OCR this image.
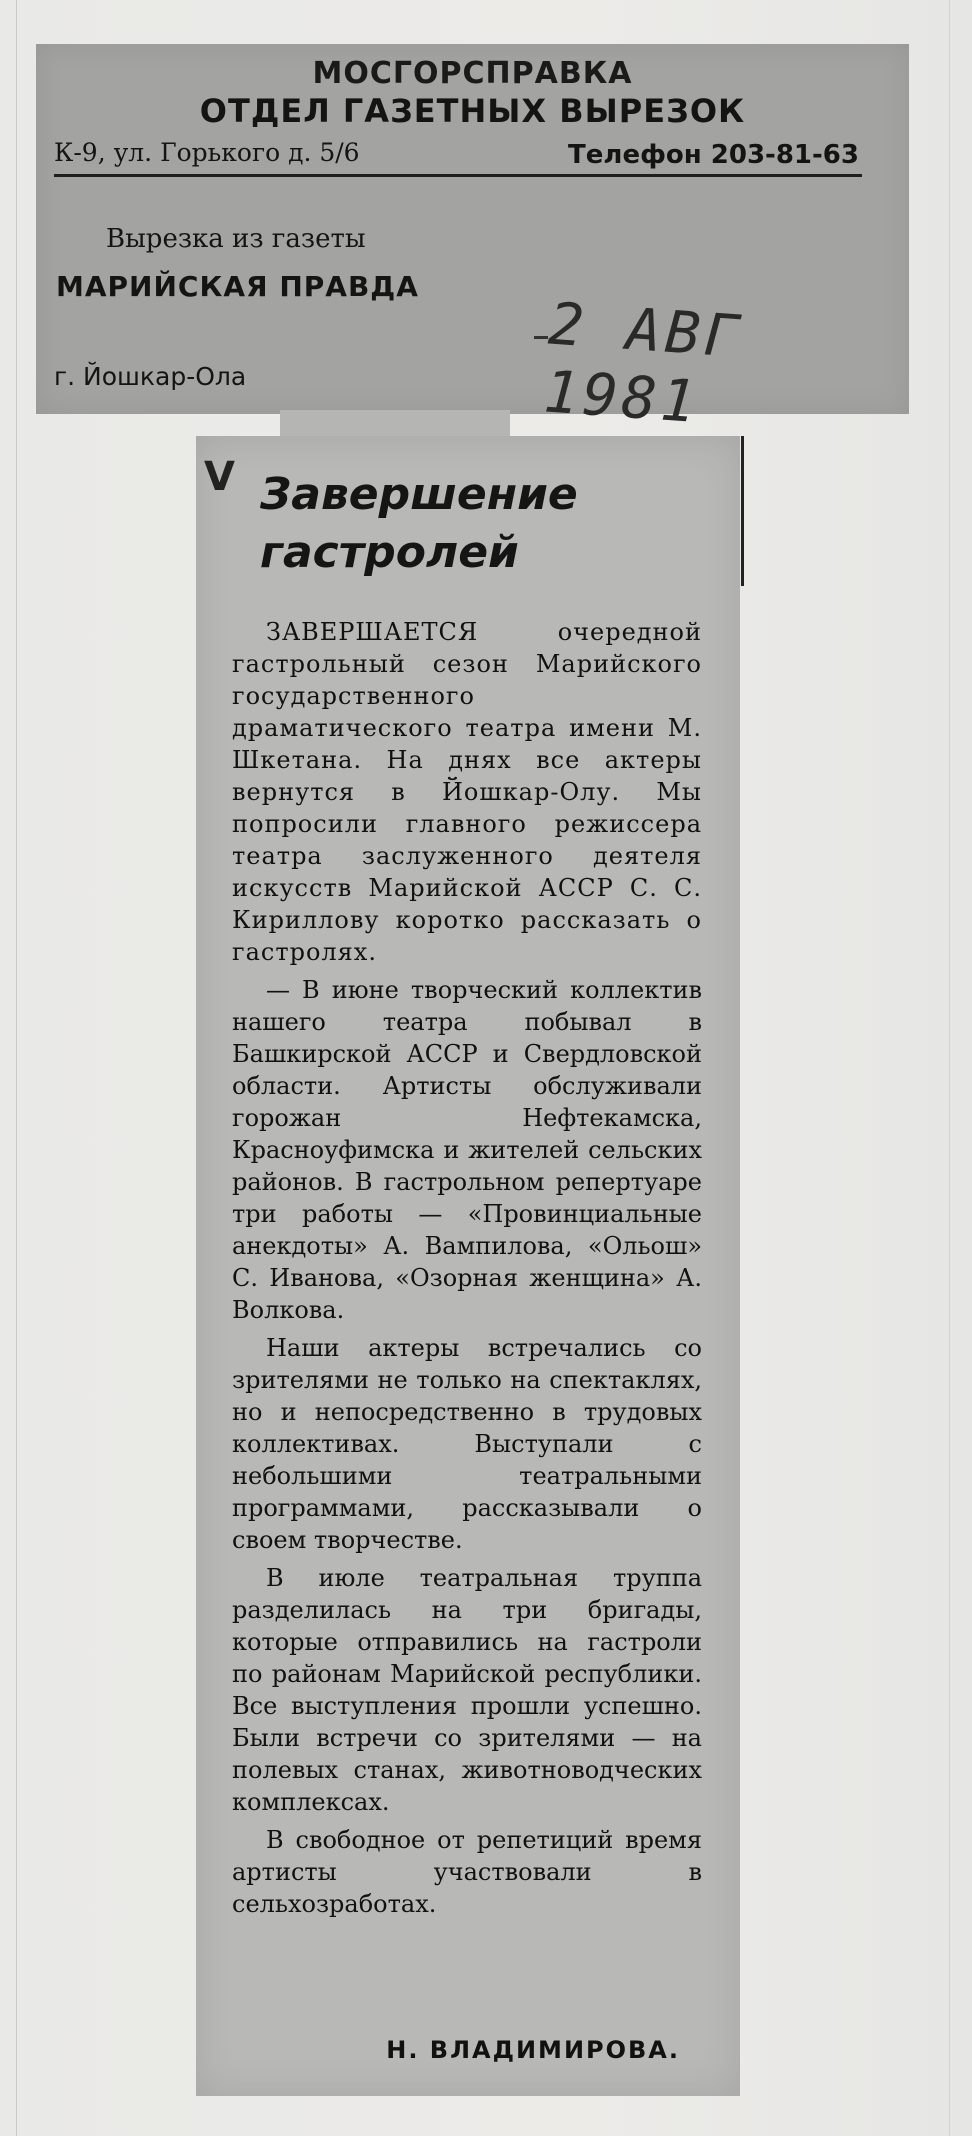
МОСГОРСПРАВКА
ОТДЕЛ ГАЗЕТНЫХ ВЫРЕЗОК
К-9, ул. Горького д. 5/6	Телефон 203-81-63
Вырезка из газеты
МАРИЙСКАЯ ПРАВДА
2 АВГ 1981
г. Йошкар-Ола
V Завершение
гастролей

ЗАВЕРШАЕТСЯ очередной гастрольный сезон Марийского государственного драматического театра имени М. Шкетана. На днях все актеры вернутся в Йошкар-Олу. Мы попросили главного режиссера театра заслуженного деятеля искусств Марийской АССР С. С. Кириллову коротко рассказать о гастролях.

— В июне творческий коллектив нашего театра побывал в Башкирской АССР и Свердловской области. Артисты обслуживали горожан Нефтекамска, Красноуфимска и жителей сельских районов. В гастрольном репертуаре три работы — «Провинциальные анекдоты» А. Вампилова, «Ольош» С. Иванова, «Озорная женщина» А. Волкова.

Наши актеры встречались со зрителями не только на спектаклях, но и непосредственно в трудовых коллективах. Выступали с небольшими театральными программами, рассказывали о своем творчестве.

В июле театральная труппа разделилась на три бригады, которые отправились на гастроли по районам Марийской республики. Все выступления прошли успешно. Были встречи со зрителями — на полевых станах, животноводческих комплексах.

В свободное от репетиций время артисты участвовали в сельхозработах.

Н. ВЛАДИМИРОВА.
